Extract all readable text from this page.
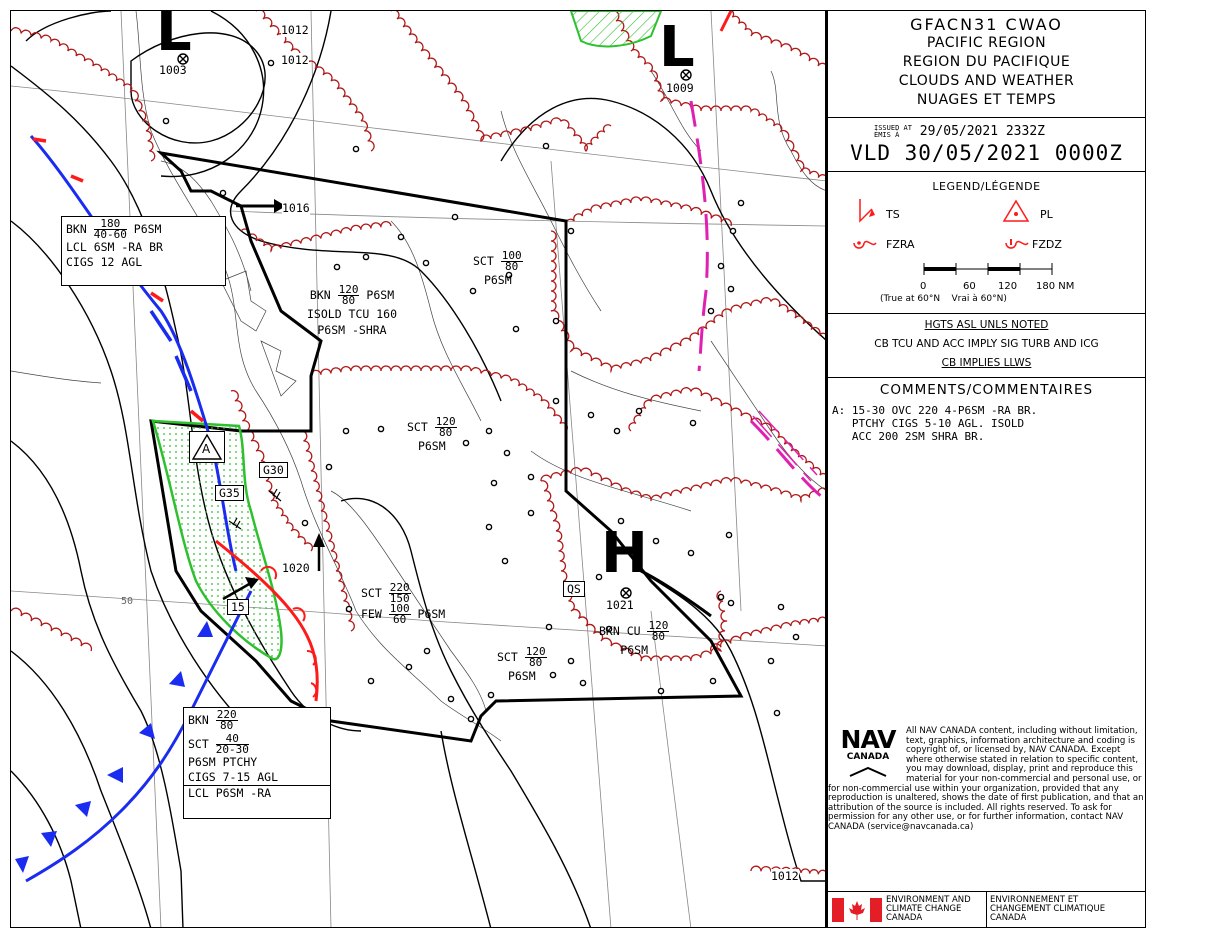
L
1003	L
1009
H
1021
1012
1012
1016
1020
1012
50
A
G30
G35
15
QS
BKN $\frac{180}{40-60} P6SM$
LCL 6SM -RA BR
CIGS 12 AGL
BKN $\frac{220}{80}$
SCT $\frac{40}{20-30}$
P6SM PTCHY
CIGS 7-15 AGL
LCL P6SM -RA
BKN $\frac{120}{80} P6SM$
ISOLD TCU 160
P6SM -SHRA
SCT $\frac{100}{80}$
P6SM
SCT $\frac{120}{80}$
P6SM
SCT $\frac{220}{150}$
FEW $\frac{100}{60} P6SM$
SCT $\frac{120}{80}$
P6SM
BKN CU $\frac{120}{80}$
P6SM
GFACN31 CWAO
PACIFIC REGION
REGION DU PACIFIQUE
CLOUDS AND WEATHER
NUAGES ET TEMPS
ISSUED AT
ÉMIS À 29/05/2021 2332Z
VLD 30/05/2021 0000Z
LEGEND/LÉGENDE
TS	PL
FZRA	FZDZ
0	60 120 180 NM
(True at 60°N    Vrai à 60°N)
HGTS ASL UNLS NOTED
CB TCU AND ACC IMPLY SIG TURB AND ICG
CB IMPLIES LLWS
COMMENTS/COMMENTAIRES
A: 15-30 OVC 220 4-P6SM -RA BR.
PTCHY CIGS 5-10 AGL. ISOLD
ACC 200 2SM SHRA BR.
All NAV CANADA content, including without limitation, text, graphics, information architecture and coding is copyright of, or licensed by, NAV CANADA. Except where otherwise stated in relation to specific content, you may download, display, print and reproduce this material for your non-commercial and personal use, or for non-commercial use within your organization, provided that any reproduction is unaltered, shows the date of first publication, and that an attribution of the source is included. All rights reserved. To ask for permission for any other use, or for further information, contact NAV CANADA (service@navcanada.ca)
NAV
CANADA
ENVIRONMENT AND
CLIMATE CHANGE
CANADA
ENVIRONNEMENT ET
CHANGEMENT CLIMATIQUE
CANADA
